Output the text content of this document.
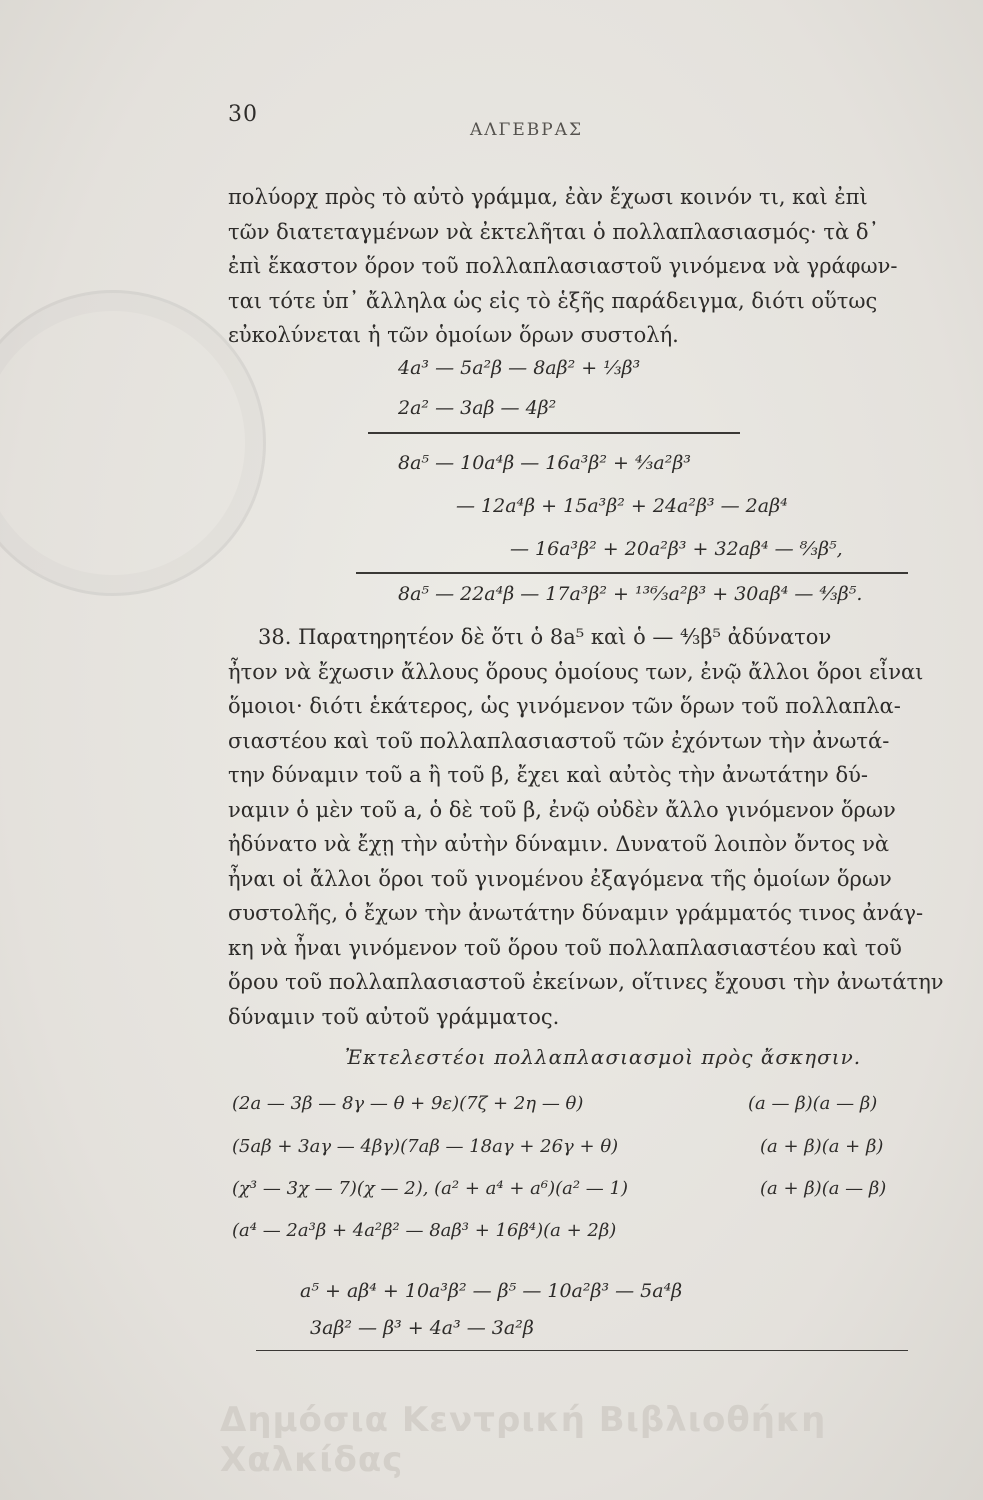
30
ΑΛΓΕΒΡΑΣ
πολύορχ πρὸς τὸ αὐτὸ γράμμα, ἐὰν ἔχωσι κοινόν τι, καὶ ἐπὶ
τῶν διατεταγμένων νὰ ἐκτελῆται ὁ πολλαπλασιασμός· τὰ δ᾽
ἐπὶ ἕκαστον ὅρον τοῦ πολλαπλασιαστοῦ γινόμενα νὰ γράφων-
ται τότε ὑπ᾽ ἄλληλα ὡς εἰς τὸ ἑξῆς παράδειγμα, διότι οὕτως
εὐκολύνεται ἡ τῶν ὁμοίων ὅρων συστολή.
4a³ — 5a²β — 8aβ² + ⅓β³
2a² — 3aβ — 4β²
8a⁵ — 10a⁴β — 16a³β² + ⁴⁄₃a²β³
— 12a⁴β + 15a³β² + 24a²β³ — 2aβ⁴
— 16a³β² + 20a²β³ + 32aβ⁴ — ⁸⁄₃β⁵,
8a⁵ — 22a⁴β — 17a³β² + ¹³⁶⁄₃a²β³ + 30aβ⁴ — ⁴⁄₃β⁵.
38. Παρατηρητέον δὲ ὅτι ὁ 8a⁵ καὶ ὁ — ⁴⁄₃β⁵ ἀδύνατον
ἦτον νὰ ἔχωσιν ἄλλους ὅρους ὁμοίους των, ἐνῷ ἄλλοι ὅροι εἶναι
ὅμοιοι· διότι ἑκάτερος, ὡς γινόμενον τῶν ὅρων τοῦ πολλαπλα-
σιαστέου καὶ τοῦ πολλαπλασιαστοῦ τῶν ἐχόντων τὴν ἀνωτά-
την δύναμιν τοῦ a ἢ τοῦ β, ἔχει καὶ αὐτὸς τὴν ἀνωτάτην δύ-
ναμιν ὁ μὲν τοῦ a, ὁ δὲ τοῦ β, ἐνῷ οὐδὲν ἄλλο γινόμενον ὅρων
ἠδύνατο νὰ ἔχῃ τὴν αὐτὴν δύναμιν. Δυνατοῦ λοιπὸν ὄντος νὰ
ἦναι οἱ ἄλλοι ὅροι τοῦ γινομένου ἐξαγόμενα τῆς ὁμοίων ὅρων
συστολῆς, ὁ ἔχων τὴν ἀνωτάτην δύναμιν γράμματός τινος ἀνάγ-
κη νὰ ἦναι γινόμενον τοῦ ὅρου τοῦ πολλαπλασιαστέου καὶ τοῦ
ὅρου τοῦ πολλαπλασιαστοῦ ἐκείνων, οἵτινες ἔχουσι τὴν ἀνωτάτην
δύναμιν τοῦ αὐτοῦ γράμματος.
Ἐκτελεστέοι πολλαπλασιασμοὶ πρὸς ἄσκησιν.
(2a — 3β — 8γ — θ + 9ε)(7ζ + 2η — θ)	(a — β)(a — β)
(5aβ + 3aγ — 4βγ)(7aβ — 18aγ + 26γ + θ)	(a + β)(a + β)
(χ³ — 3χ — 7)(χ — 2), (a² + a⁴ + a⁶)(a² — 1)	(a + β)(a — β)
(a⁴ — 2a³β + 4a²β² — 8aβ³ + 16β⁴)(a + 2β)
a⁵ + aβ⁴ + 10a³β² — β⁵ — 10a²β³ — 5a⁴β
3aβ² — β³ + 4a³ — 3a²β
Δημόσια Κεντρική Βιβλιοθήκη Χαλκίδας
